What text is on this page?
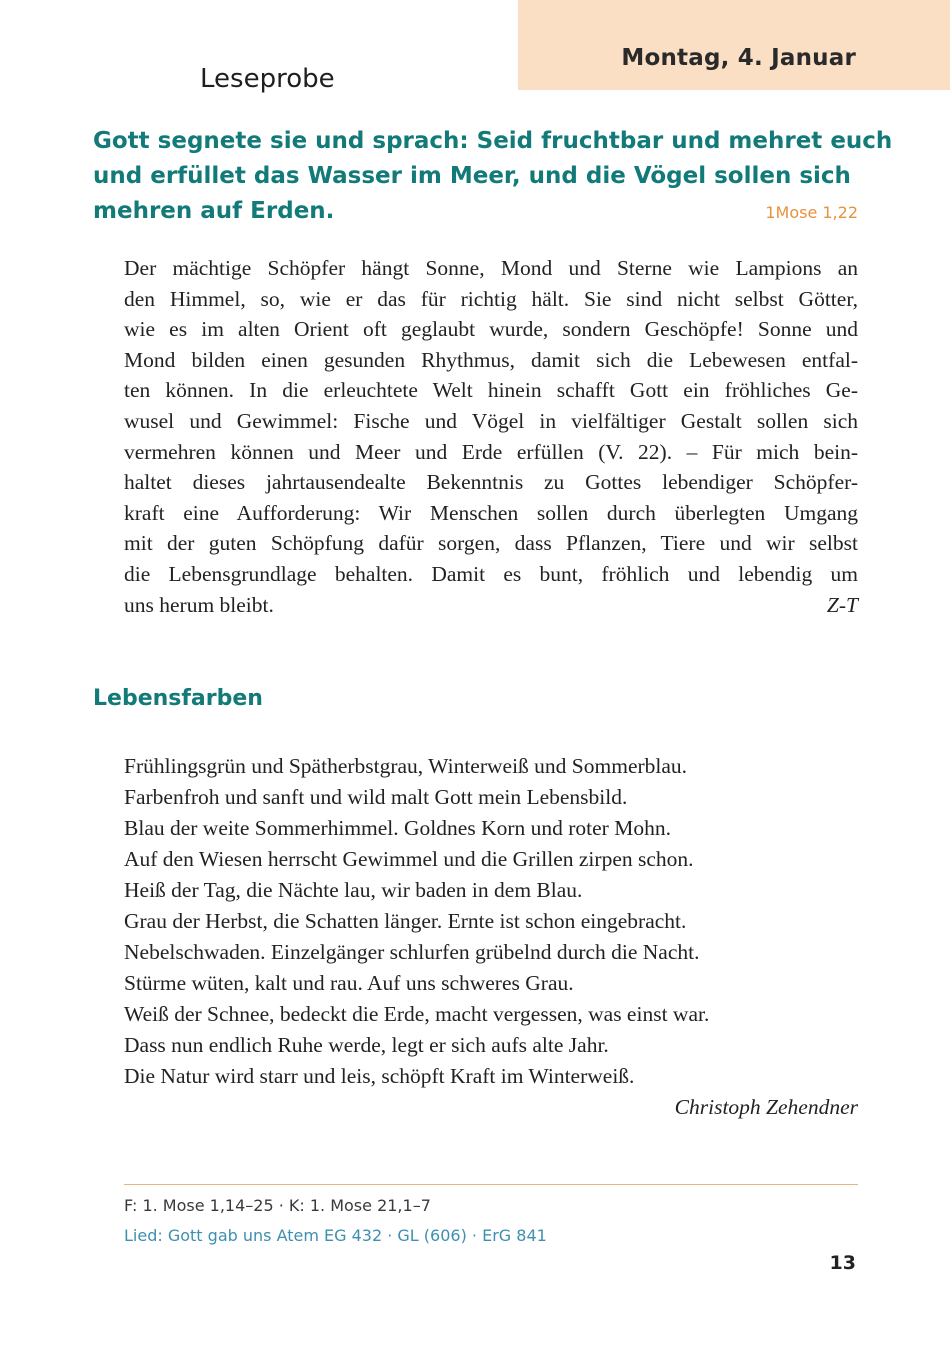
Montag, 4. Januar
Leseprobe
Gott segnete sie und sprach: Seid fruchtbar und mehret euch
und erfüllet das Wasser im Meer, und die Vögel sollen sich
mehren auf Erden.	1Mose 1,22
Der mächtige Schöpfer hängt Sonne, Mond und Sterne wie Lampions an
den Himmel, so, wie er das für richtig hält. Sie sind nicht selbst Götter,
wie es im alten Orient oft geglaubt wurde, sondern Geschöpfe! Sonne und
Mond bilden einen gesunden Rhythmus, damit sich die Lebewesen entfal-
ten können. In die erleuchtete Welt hinein schafft Gott ein fröhliches Ge-
wusel und Gewimmel: Fische und Vögel in vielfältiger Gestalt sollen sich
vermehren können und Meer und Erde erfüllen (V. 22). – Für mich bein-
haltet dieses jahrtausendealte Bekenntnis zu Gottes lebendiger Schöpfer-
kraft eine Aufforderung: Wir Menschen sollen durch überlegten Umgang
mit der guten Schöpfung dafür sorgen, dass Pflanzen, Tiere und wir selbst
die Lebensgrundlage behalten. Damit es bunt, fröhlich und lebendig um
uns herum bleibt.	Z-T
Lebensfarben
Frühlingsgrün und Spätherbstgrau, Winterweiß und Sommerblau.
Farbenfroh und sanft und wild malt Gott mein Lebensbild.
Blau der weite Sommerhimmel. Goldnes Korn und roter Mohn.
Auf den Wiesen herrscht Gewimmel und die Grillen zirpen schon.
Heiß der Tag, die Nächte lau, wir baden in dem Blau.
Grau der Herbst, die Schatten länger. Ernte ist schon eingebracht.
Nebelschwaden. Einzelgänger schlurfen grübelnd durch die Nacht.
Stürme wüten, kalt und rau. Auf uns schweres Grau.
Weiß der Schnee, bedeckt die Erde, macht vergessen, was einst war.
Dass nun endlich Ruhe werde, legt er sich aufs alte Jahr.
Die Natur wird starr und leis, schöpft Kraft im Winterweiß.
Christoph Zehendner
F: 1. Mose 1,14–25 · K: 1. Mose 21,1–7
Lied: Gott gab uns Atem EG 432 · GL (606) · ErG 841
13
